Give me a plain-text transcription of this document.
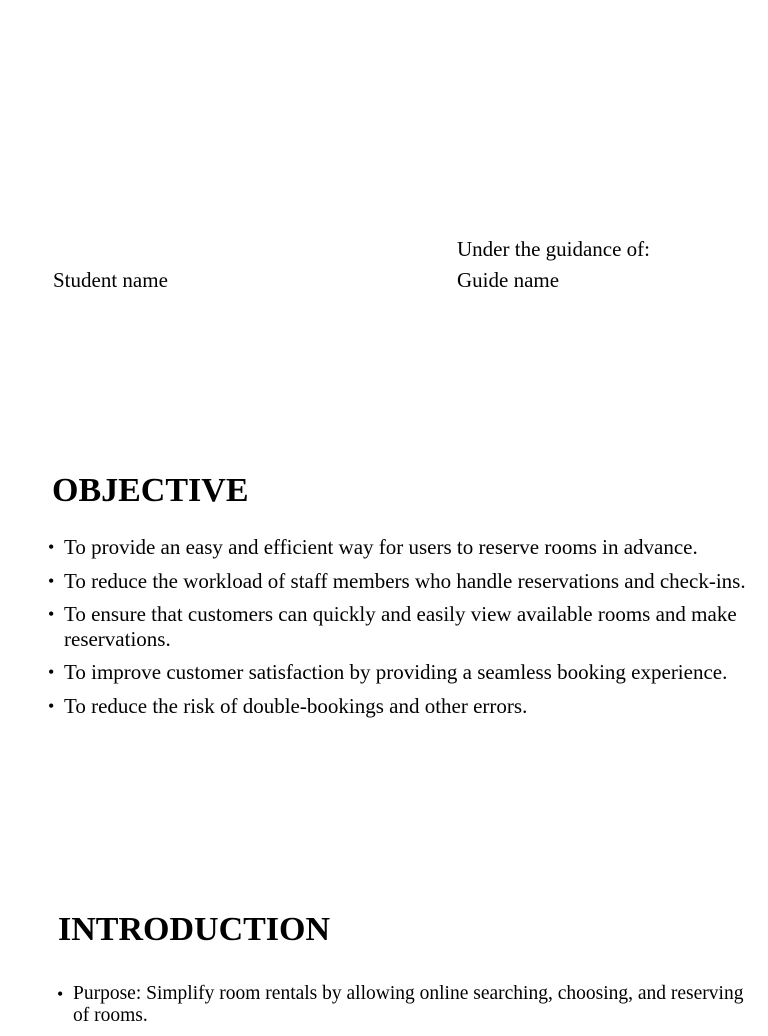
Under the guidance of:
Student name	Guide name
OBJECTIVE
• To provide an easy and efficient way for users to reserve rooms in advance.
• To reduce the workload of staff members who handle reservations and check-ins.
• To ensure that customers can quickly and easily view available rooms and make reservations.
• To improve customer satisfaction by providing a seamless booking experience.
• To reduce the risk of double-bookings and other errors.
INTRODUCTION
• Purpose: Simplify room rentals by allowing online searching, choosing, and reserving of rooms.
